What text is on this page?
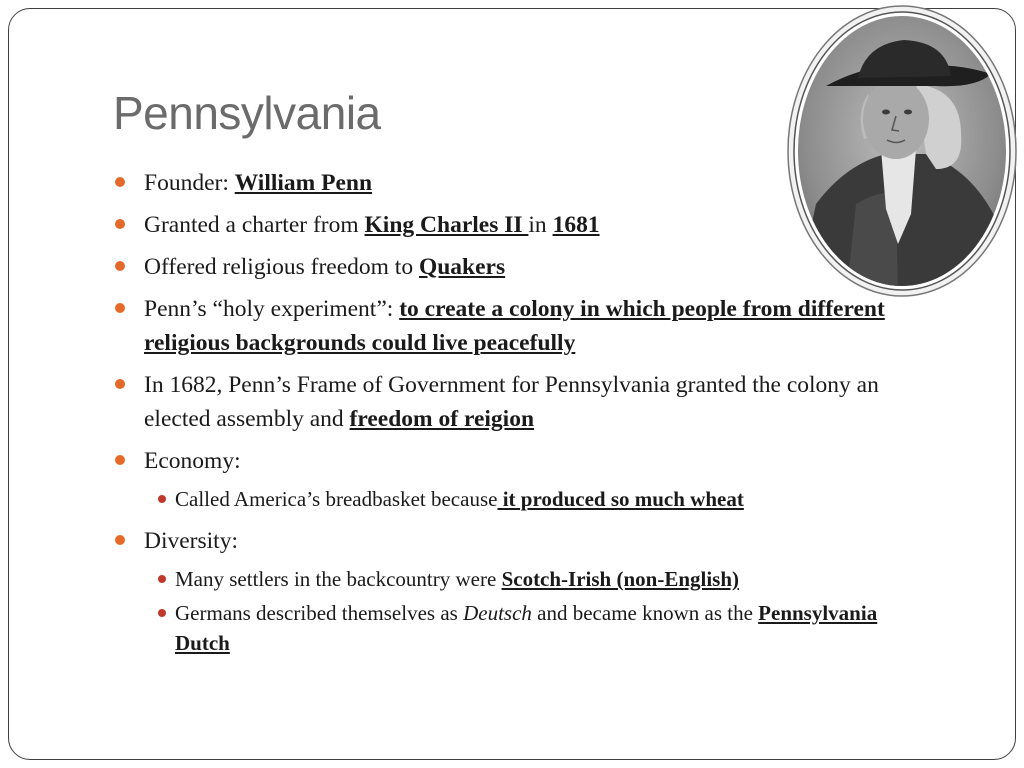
Pennsylvania
Founder: William Penn
Granted a charter from King Charles II in 1681
Offered religious freedom to Quakers
Penn’s “holy experiment”: to create a colony in which people from different religious backgrounds could live peacefully
In 1682, Penn’s Frame of Government for Pennsylvania granted the colony an elected assembly and freedom of reigion
Economy:
Called America’s breadbasket because it produced so much wheat
Diversity:
Many settlers in the backcountry were Scotch-Irish (non-English)
Germans described themselves as Deutsch and became known as the Pennsylvania Dutch
